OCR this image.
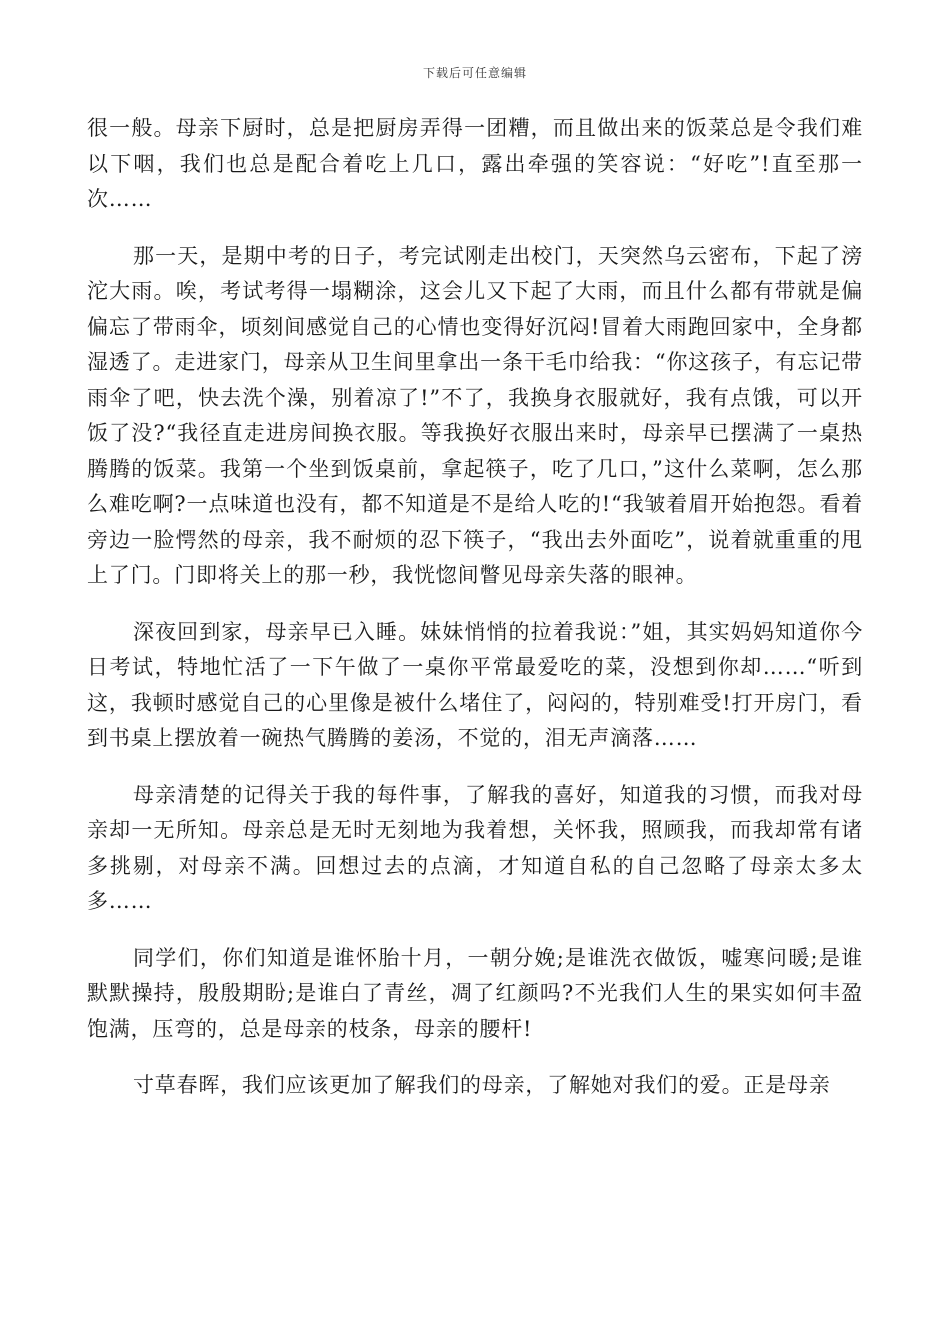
下载后可任意编辑

很一般。母亲下厨时，总是把厨房弄得一团糟，而且做出来的饭菜总是令我们难以下咽，我们也总是配合着吃上几口，露出牵强的笑容说：“好吃”!直至那一次……

那一天，是期中考的日子，考完试刚走出校门，天突然乌云密布，下起了滂沱大雨。唉，考试考得一塌糊涂，这会儿又下起了大雨，而且什么都有带就是偏偏忘了带雨伞，顷刻间感觉自己的心情也变得好沉闷!冒着大雨跑回家中，全身都湿透了。走进家门，母亲从卫生间里拿出一条干毛巾给我：“你这孩子，有忘记带雨伞了吧，快去洗个澡，别着凉了!”不了，我换身衣服就好，我有点饿，可以开饭了没?“我径直走进房间换衣服。等我换好衣服出来时，母亲早已摆满了一桌热腾腾的饭菜。我第一个坐到饭桌前，拿起筷子，吃了几口，”这什么菜啊，怎么那么难吃啊?一点味道也没有，都不知道是不是给人吃的!“我皱着眉开始抱怨。看着旁边一脸愕然的母亲，我不耐烦的忍下筷子，“我出去外面吃”，说着就重重的甩上了门。门即将关上的那一秒，我恍惚间瞥见母亲失落的眼神。

深夜回到家，母亲早已入睡。妹妹悄悄的拉着我说：”姐，其实妈妈知道你今日考试，特地忙活了一下午做了一桌你平常最爱吃的菜，没想到你却……“听到这，我顿时感觉自己的心里像是被什么堵住了，闷闷的，特别难受!打开房门，看到书桌上摆放着一碗热气腾腾的姜汤，不觉的，泪无声滴落……

母亲清楚的记得关于我的每件事，了解我的喜好，知道我的习惯，而我对母亲却一无所知。母亲总是无时无刻地为我着想，关怀我，照顾我，而我却常有诸多挑剔，对母亲不满。回想过去的点滴，才知道自私的自己忽略了母亲太多太多……

同学们，你们知道是谁怀胎十月，一朝分娩;是谁洗衣做饭，嘘寒问暖;是谁默默操持，殷殷期盼;是谁白了青丝，凋了红颜吗?不光我们人生的果实如何丰盈饱满，压弯的，总是母亲的枝条，母亲的腰杆!

寸草春晖，我们应该更加了解我们的母亲，了解她对我们的爱。正是母亲
